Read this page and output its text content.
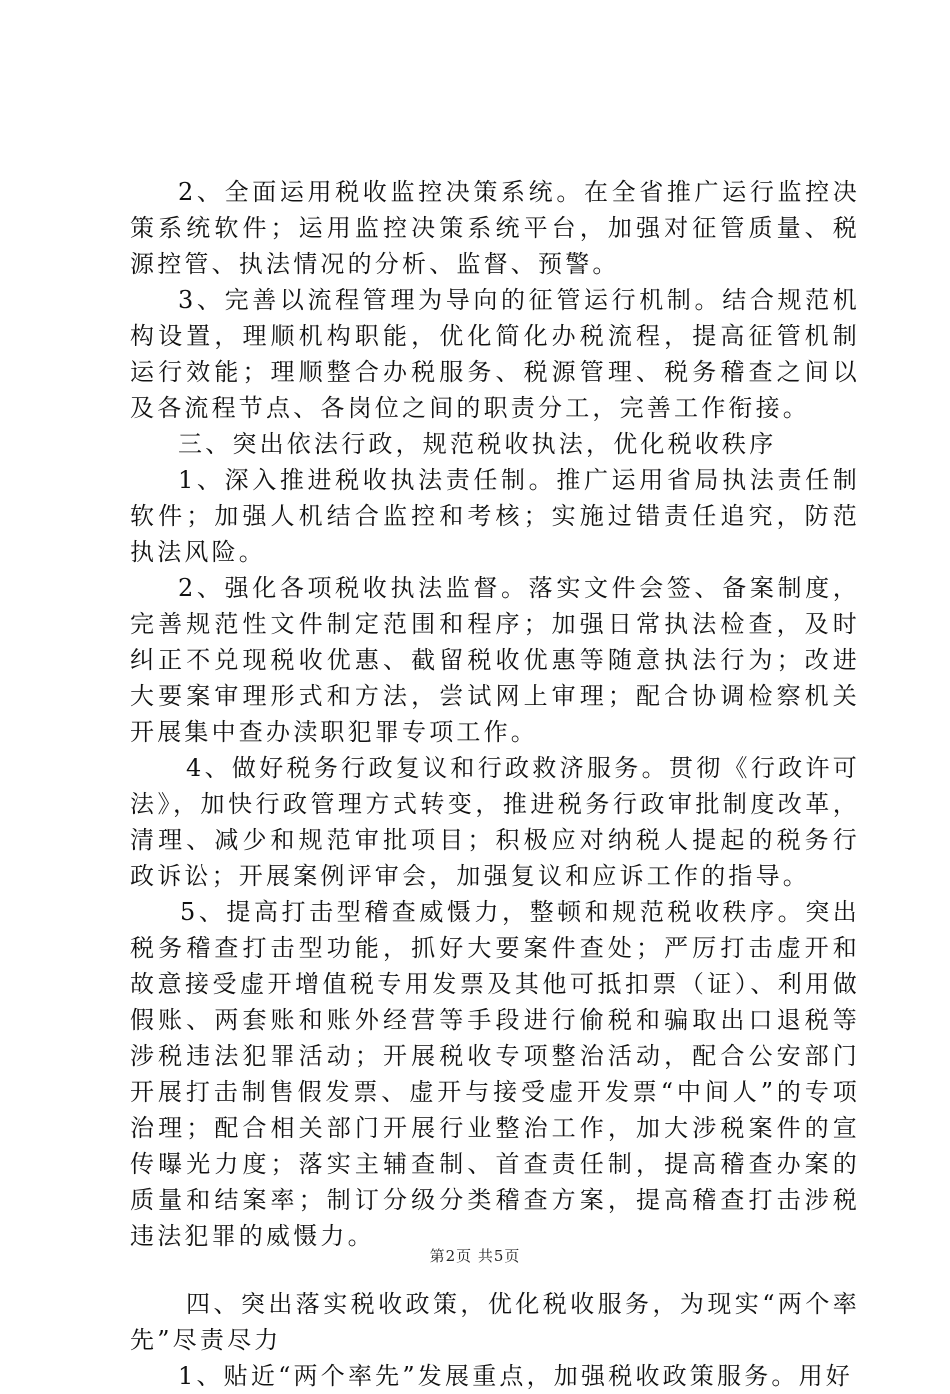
2、全面运用税收监控决策系统。在全省推广运行监控决策系统软件；运用监控决策系统平台，加强对征管质量、税源控管、执法情况的分析、监督、预警。

3、完善以流程管理为导向的征管运行机制。结合规范机构设置，理顺机构职能，优化简化办税流程，提高征管机制运行效能；理顺整合办税服务、税源管理、税务稽查之间以及各流程节点、各岗位之间的职责分工，完善工作衔接。

三、突出依法行政，规范税收执法，优化税收秩序

1、深入推进税收执法责任制。推广运用省局执法责任制软件；加强人机结合监控和考核；实施过错责任追究，防范执法风险。

2、强化各项税收执法监督。落实文件会签、备案制度，完善规范性文件制定范围和程序；加强日常执法检查，及时纠正不兑现税收优惠、截留税收优惠等随意执法行为；改进大要案审理形式和方法，尝试网上审理；配合协调检察机关开展集中查办渎职犯罪专项工作。

4、做好税务行政复议和行政救济服务。贯彻《行政许可法》，加快行政管理方式转变，推进税务行政审批制度改革，清理、减少和规范审批项目；积极应对纳税人提起的税务行政诉讼；开展案例评审会，加强复议和应诉工作的指导。

5、提高打击型稽查威慑力，整顿和规范税收秩序。突出税务稽查打击型功能，抓好大要案件查处；严厉打击虚开和故意接受虚开增值税专用发票及其他可抵扣票（证）、利用做假账、两套账和账外经营等手段进行偷税和骗取出口退税等涉税违法犯罪活动；开展税收专项整治活动，配合公安部门开展打击制售假发票、虚开与接受虚开发票“中间人”的专项治理；配合相关部门开展行业整治工作，加大涉税案件的宣传曝光力度；落实主辅查制、首查责任制，提高稽查办案的质量和结案率；制订分级分类稽查方案，提高稽查打击涉税违法犯罪的威慑力。

四、突出落实税收政策，优化税收服务，为现实“两个率先”尽责尽力

1、贴近“两个率先”发展重点，加强税收政策服务。用好

第2页 共5页
